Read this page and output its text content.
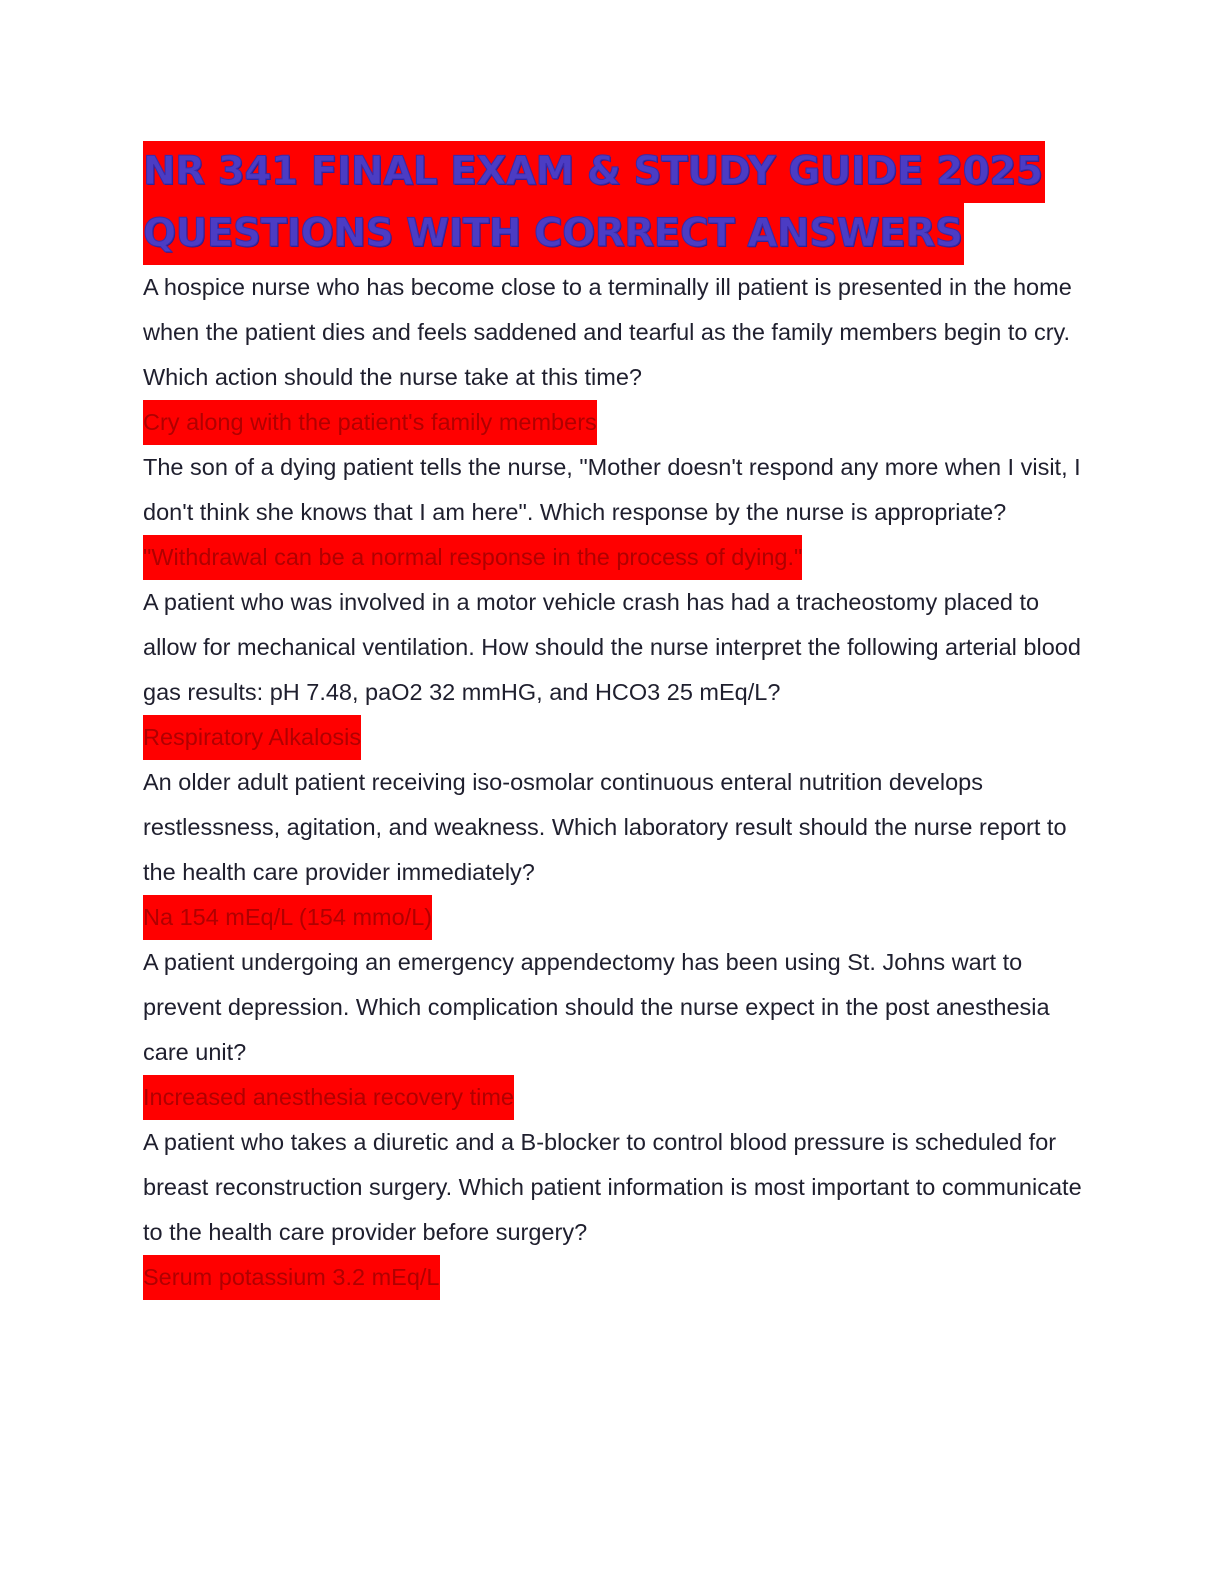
NR 341 FINAL EXAM & STUDY GUIDE 2025
QUESTIONS WITH CORRECT ANSWERS

A hospice nurse who has become close to a terminally ill patient is presented in the home when the patient dies and feels saddened and tearful as the family members begin to cry. Which action should the nurse take at this time?

Cry along with the patient's family members

The son of a dying patient tells the nurse, "Mother doesn't respond any more when I visit, I don't think she knows that I am here". Which response by the nurse is appropriate?

"Withdrawal can be a normal response in the process of dying."

A patient who was involved in a motor vehicle crash has had a tracheostomy placed to allow for mechanical ventilation. How should the nurse interpret the following arterial blood gas results: pH 7.48, paO2 32 mmHG, and HCO3 25 mEq/L?

Respiratory Alkalosis

An older adult patient receiving iso-osmolar continuous enteral nutrition develops restlessness, agitation, and weakness. Which laboratory result should the nurse report to the health care provider immediately?

Na 154 mEq/L (154 mmo/L)

A patient undergoing an emergency appendectomy has been using St. Johns wart to prevent depression. Which complication should the nurse expect in the post anesthesia care unit?

Increased anesthesia recovery time

A patient who takes a diuretic and a B-blocker to control blood pressure is scheduled for breast reconstruction surgery. Which patient information is most important to communicate to the health care provider before surgery?

Serum potassium 3.2 mEq/L
